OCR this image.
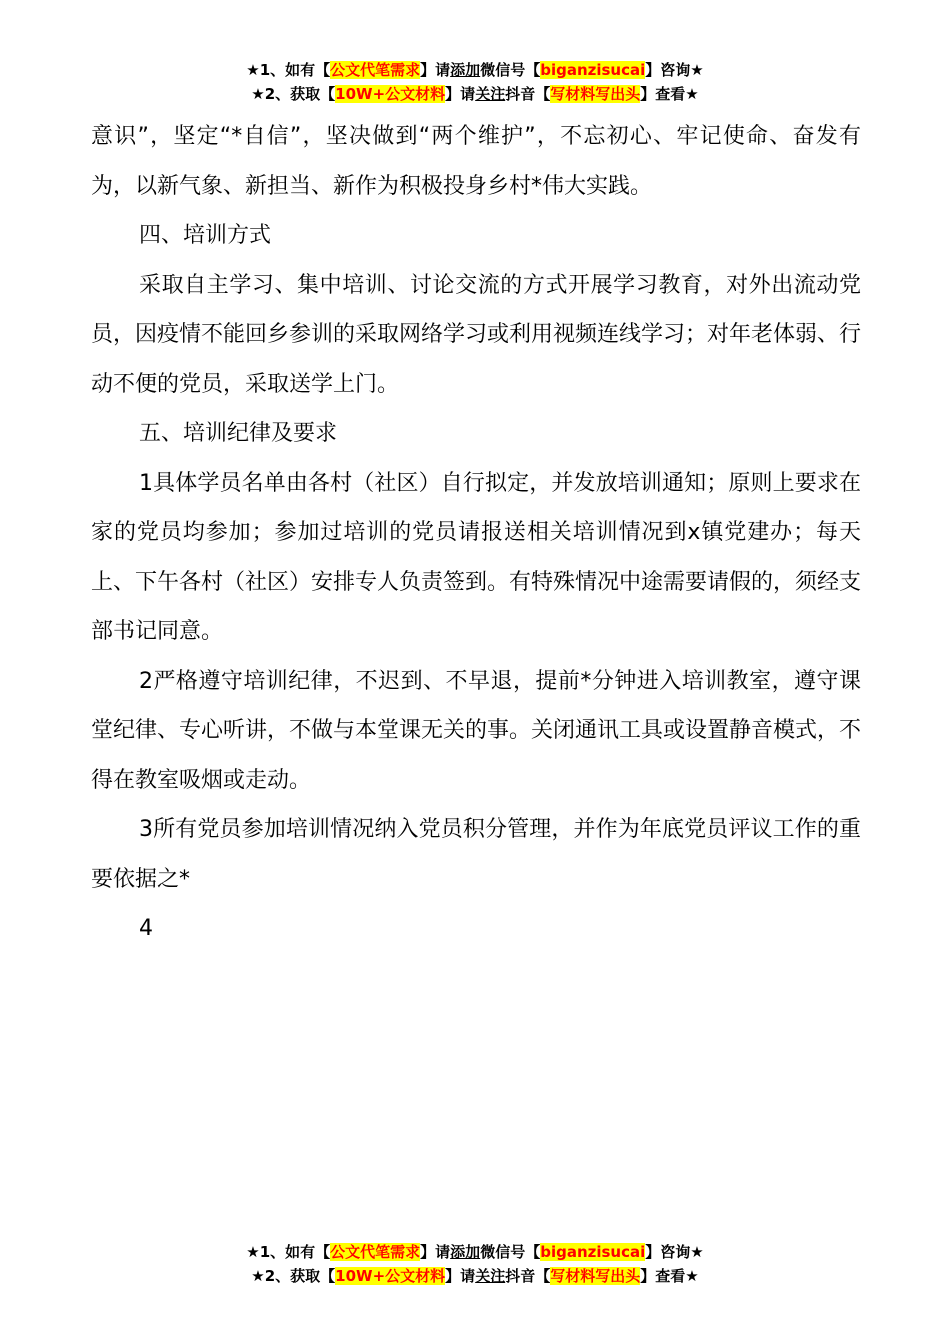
★1、如有【公文代笔需求】请添加微信号【biganzisucai】咨询★
★2、获取【10W+公文材料】请关注抖音【写材料写出头】查看★

意识”，坚定“*自信”，坚决做到“两个维护”，不忘初心、牢记使命、奋发有为，以新气象、新担当、新作为积极投身乡村*伟大实践。

四、培训方式

采取自主学习、集中培训、讨论交流的方式开展学习教育，对外出流动党员，因疫情不能回乡参训的采取网络学习或利用视频连线学习；对年老体弱、行动不便的党员，采取送学上门。

五、培训纪律及要求

1具体学员名单由各村（社区）自行拟定，并发放培训通知；原则上要求在家的党员均参加；参加过培训的党员请报送相关培训情况到x镇党建办；每天上、下午各村（社区）安排专人负责签到。有特殊情况中途需要请假的，须经支部书记同意。

2严格遵守培训纪律，不迟到、不早退，提前*分钟进入培训教室，遵守课堂纪律、专心听讲，不做与本堂课无关的事。关闭通讯工具或设置静音模式，不得在教室吸烟或走动。

3所有党员参加培训情况纳入党员积分管理，并作为年底党员评议工作的重要依据之*

4

★1、如有【公文代笔需求】请添加微信号【biganzisucai】咨询★
★2、获取【10W+公文材料】请关注抖音【写材料写出头】查看★
